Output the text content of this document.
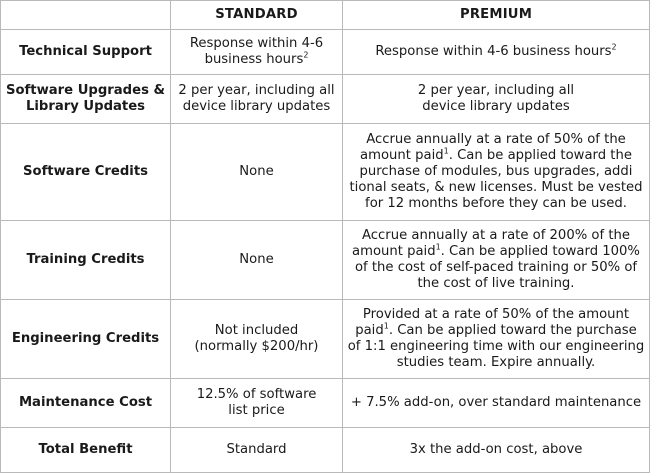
	STANDARD	PREMIUM
Technical Support	Response within 4-6 business hours$^2$	Response within 4-6 business hours$^2$
Software Upgrades & Library Updates	2 per year, including all device library updates	2 per year, including all device library updates
Software Credits	None	Accrue annually at a rate of 50% of the amount paid$^1$. Can be applied toward the purchase of modules, bus upgrades, addi tional seats, & new licenses. Must be vested for 12 months before they can be used.
Training Credits	None	Accrue annually at a rate of 200% of the amount paid$^1$. Can be applied toward 100% of the cost of self-paced training or 50% of the cost of live training.
Engineering Credits	Not included (normally $200/hr)	Provided at a rate of 50% of the amount paid$^1$. Can be applied toward the purchase of 1:1 engineering time with our engineering studies team. Expire annually.
Maintenance Cost	12.5% of software list price	+ 7.5% add-on, over standard maintenance
Total Benefit	Standard	3x the add-on cost, above
